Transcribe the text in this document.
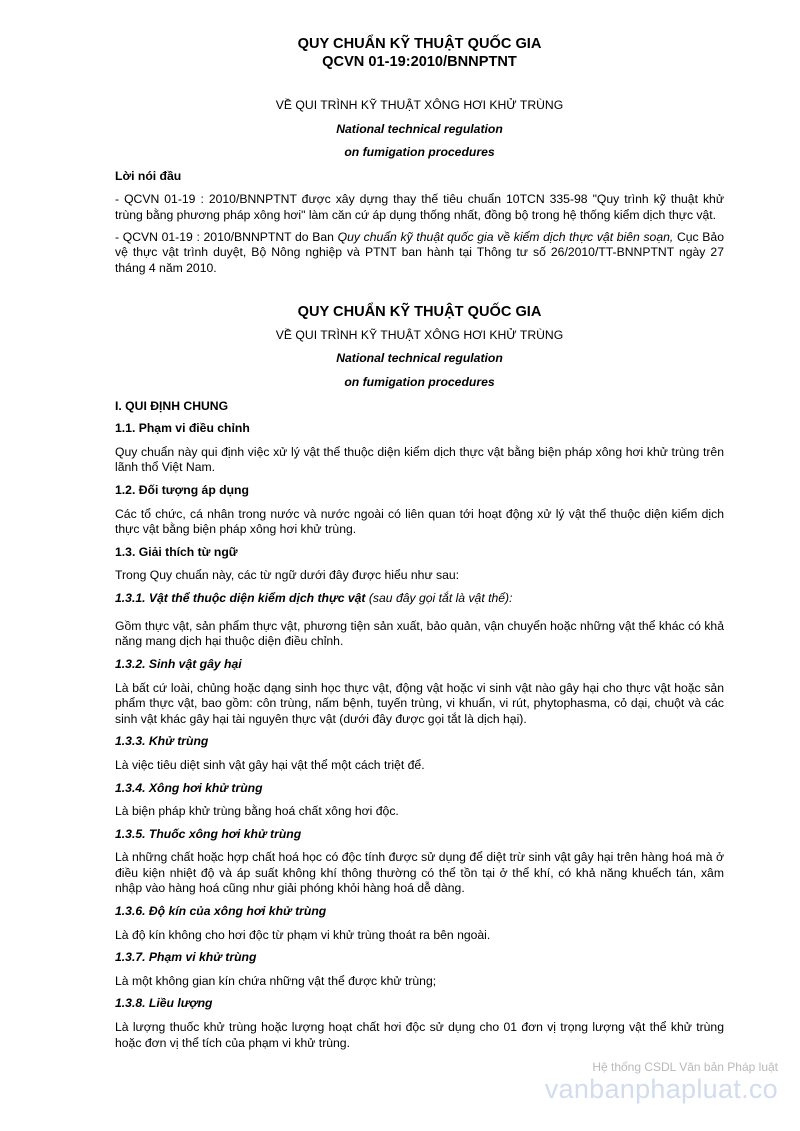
QUY CHUẨN KỸ THUẬT QUỐC GIA

QCVN 01-19:2010/BNNPTNT

VỀ QUI TRÌNH KỸ THUẬT XÔNG HƠI KHỬ TRÙNG

National technical regulation

on fumigation procedures

Lời nói đầu

- QCVN 01-19 : 2010/BNNPTNT được xây dựng thay thế tiêu chuẩn 10TCN 335-98 "Quy trình kỹ thuật khử trùng bằng phương pháp xông hơi" làm căn cứ áp dụng thống nhất, đồng bộ trong hệ thống kiểm dịch thực vật.

- QCVN 01-19 : 2010/BNNPTNT do Ban Quy chuẩn kỹ thuật quốc gia về kiểm dịch thực vật biên soạn, Cục Bảo vệ thực vật trình duyệt, Bộ Nông nghiệp và PTNT ban hành tại Thông tư số 26/2010/TT-BNNPTNT ngày 27 tháng 4 năm 2010.

QUY CHUẨN KỸ THUẬT QUỐC GIA

VỀ QUI TRÌNH KỸ THUẬT XÔNG HƠI KHỬ TRÙNG

National technical regulation

on fumigation procedures

I. QUI ĐỊNH CHUNG

1.1. Phạm vi điều chỉnh

Quy chuẩn này qui định việc xử lý vật thể thuộc diện kiểm dịch thực vật bằng biện pháp xông hơi khử trùng trên lãnh thổ Việt Nam.

1.2. Đối tượng áp dụng

Các tổ chức, cá nhân trong nước và nước ngoài có liên quan tới hoạt động xử lý vật thể thuộc diện kiểm dịch thực vật bằng biện pháp xông hơi khử trùng.

1.3. Giải thích từ ngữ

Trong Quy chuẩn này, các từ ngữ dưới đây được hiểu như sau:

1.3.1. Vật thể thuộc diện kiểm dịch thực vật (sau đây gọi tắt là vật thể):

Gồm thực vật, sản phẩm thực vật, phương tiện sản xuất, bảo quản, vận chuyển hoặc những vật thể khác có khả năng mang dịch hại thuộc diện điều chỉnh.

1.3.2. Sinh vật gây hại

Là bất cứ loài, chủng hoặc dạng sinh học thực vật, động vật hoặc vi sinh vật nào gây hại cho thực vật hoặc sản phẩm thực vật, bao gồm: côn trùng, nấm bệnh, tuyến trùng, vi khuẩn, vi rút, phytophasma, cỏ dại, chuột và các sinh vật khác gây hại tài nguyên thực vật (dưới đây được gọi tắt là dịch hại).

1.3.3. Khử trùng

Là việc tiêu diệt sinh vật gây hại vật thể một cách triệt để.

1.3.4. Xông hơi khử trùng

Là biện pháp khử trùng bằng hoá chất xông hơi độc.

1.3.5. Thuốc xông hơi khử trùng

Là những chất hoặc hợp chất hoá học có độc tính được sử dụng để diệt trừ sinh vật gây hại trên hàng hoá mà ở điều kiện nhiệt độ và áp suất không khí thông thường có thể tồn tại ở thể khí, có khả năng khuếch tán, xâm nhập vào hàng hoá cũng như giải phóng khỏi hàng hoá dễ dàng.

1.3.6. Độ kín của xông hơi khử trùng

Là độ kín không cho hơi độc từ phạm vi khử trùng thoát ra bên ngoài.

1.3.7. Phạm vi khử trùng

Là một không gian kín chứa những vật thể được khử trùng;

1.3.8. Liều lượng

Là lượng thuốc khử trùng hoặc lượng hoạt chất hơi độc sử dụng cho 01 đơn vị trọng lượng vật thể khử trùng hoặc đơn vị thể tích của phạm vi khử trùng.

Hệ thống CSDL Văn bản Pháp luật
vanbanphapluat.co
